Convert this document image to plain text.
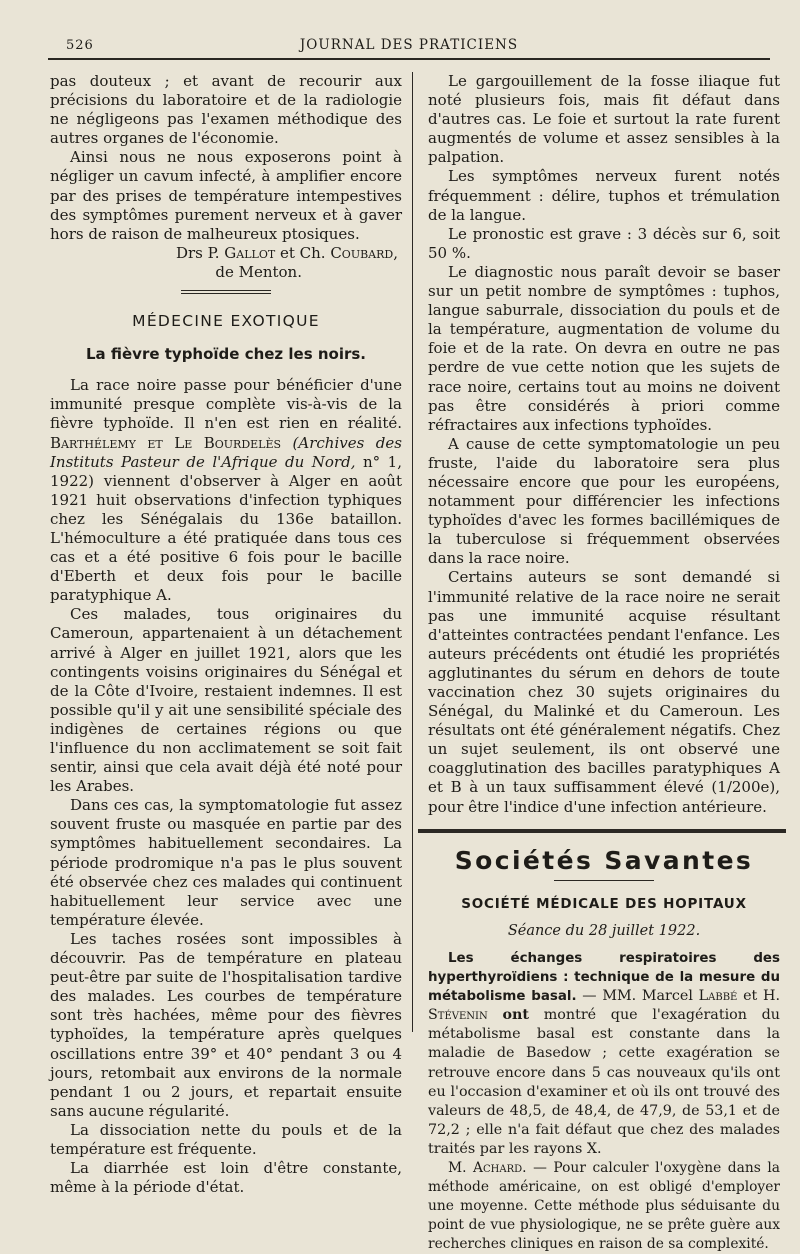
526	JOURNAL DES PRATICIENS

pas douteux ; et avant de recourir aux précisions du laboratoire et de la radiologie ne négligeons pas l'examen méthodique des autres organes de l'économie.

Ainsi nous ne nous exposerons point à négliger un cavum infecté, à amplifier encore par des prises de température intempestives des symptômes purement nerveux et à gaver hors de raison de malheureux ptosiques.

Drs P. Gallot et Ch. Coubard,
de Menton.
MÉDECINE EXOTIQUE
La fièvre typhoïde chez les noirs.

La race noire passe pour bénéficier d'une immunité presque complète vis-à-vis de la fièvre typhoïde. Il n'en est rien en réalité. Barthélemy et Le Bourdelès (Archives des Instituts Pasteur de l'Afrique du Nord, n° 1, 1922) viennent d'observer à Alger en août 1921 huit observations d'infection typhiques chez les Sénégalais du 136e bataillon. L'hémoculture a été pratiquée dans tous ces cas et a été positive 6 fois pour le bacille d'Eberth et deux fois pour le bacille paratyphique A.

Ces malades, tous originaires du Cameroun, appartenaient à un détachement arrivé à Alger en juillet 1921, alors que les contingents voisins originaires du Sénégal et de la Côte d'Ivoire, restaient indemnes. Il est possible qu'il y ait une sensibilité spéciale des indigènes de certaines régions ou que l'influence du non acclimatement se soit fait sentir, ainsi que cela avait déjà été noté pour les Arabes.

Dans ces cas, la symptomatologie fut assez souvent fruste ou masquée en partie par des symptômes habituellement secondaires. La période prodromique n'a pas le plus souvent été observée chez ces malades qui continuent habituellement leur service avec une température élevée.

Les taches rosées sont impossibles à découvrir. Pas de température en plateau peut-être par suite de l'hospitalisation tardive des malades. Les courbes de température sont très hachées, même pour des fièvres typhoïdes, la température après quelques oscillations entre 39° et 40° pendant 3 ou 4 jours, retombait aux environs de la normale pendant 1 ou 2 jours, et repartait ensuite sans aucune régularité.

La dissociation nette du pouls et de la température est fréquente.

La diarrhée est loin d'être constante, même à la période d'état.

Le gargouillement de la fosse iliaque fut noté plusieurs fois, mais fit défaut dans d'autres cas. Le foie et surtout la rate furent augmentés de volume et assez sensibles à la palpation.

Les symptômes nerveux furent notés fréquemment : délire, tuphos et trémulation de la langue.

Le pronostic est grave : 3 décès sur 6, soit 50 %.

Le diagnostic nous paraît devoir se baser sur un petit nombre de symptômes : tuphos, langue saburrale, dissociation du pouls et de la température, augmentation de volume du foie et de la rate. On devra en outre ne pas perdre de vue cette notion que les sujets de race noire, certains tout au moins ne doivent pas être considérés à priori comme réfractaires aux infections typhoïdes.

A cause de cette symptomatologie un peu fruste, l'aide du laboratoire sera plus nécessaire encore que pour les européens, notamment pour différencier les infections typhoïdes d'avec les formes bacillémiques de la tuberculose si fréquemment observées dans la race noire.

Certains auteurs se sont demandé si l'immunité relative de la race noire ne serait pas une immunité acquise résultant d'atteintes contractées pendant l'enfance. Les auteurs précédents ont étudié les propriétés agglutinantes du sérum en dehors de toute vaccination chez 30 sujets originaires du Sénégal, du Malinké et du Cameroun. Les résultats ont été généralement négatifs. Chez un sujet seulement, ils ont observé une coagglutination des bacilles paratyphiques A et B à un taux suffisamment élevé (1/200e), pour être l'indice d'une infection antérieure.

Sociétés Savantes
SOCIÉTÉ MÉDICALE DES HOPITAUX
Séance du 28 juillet 1922.

Les échanges respiratoires des hyperthyroïdiens : technique de la mesure du métabolisme basal. — MM. Marcel Labbé et H. Stévenin ont montré que l'exagération du métabolisme basal est constante dans la maladie de Basedow ; cette exagération se retrouve encore dans 5 cas nouveaux qu'ils ont eu l'occasion d'examiner et où ils ont trouvé des valeurs de 48,5, de 48,4, de 47,9, de 53,1 et de 72,2 ; elle n'a fait défaut que chez des malades traités par les rayons X.

M. Achard. — Pour calculer l'oxygène dans la méthode américaine, on est obligé d'employer une moyenne. Cette méthode plus séduisante du point de vue physiologique, ne se prête guère aux recherches cliniques en raison de sa complexité.
